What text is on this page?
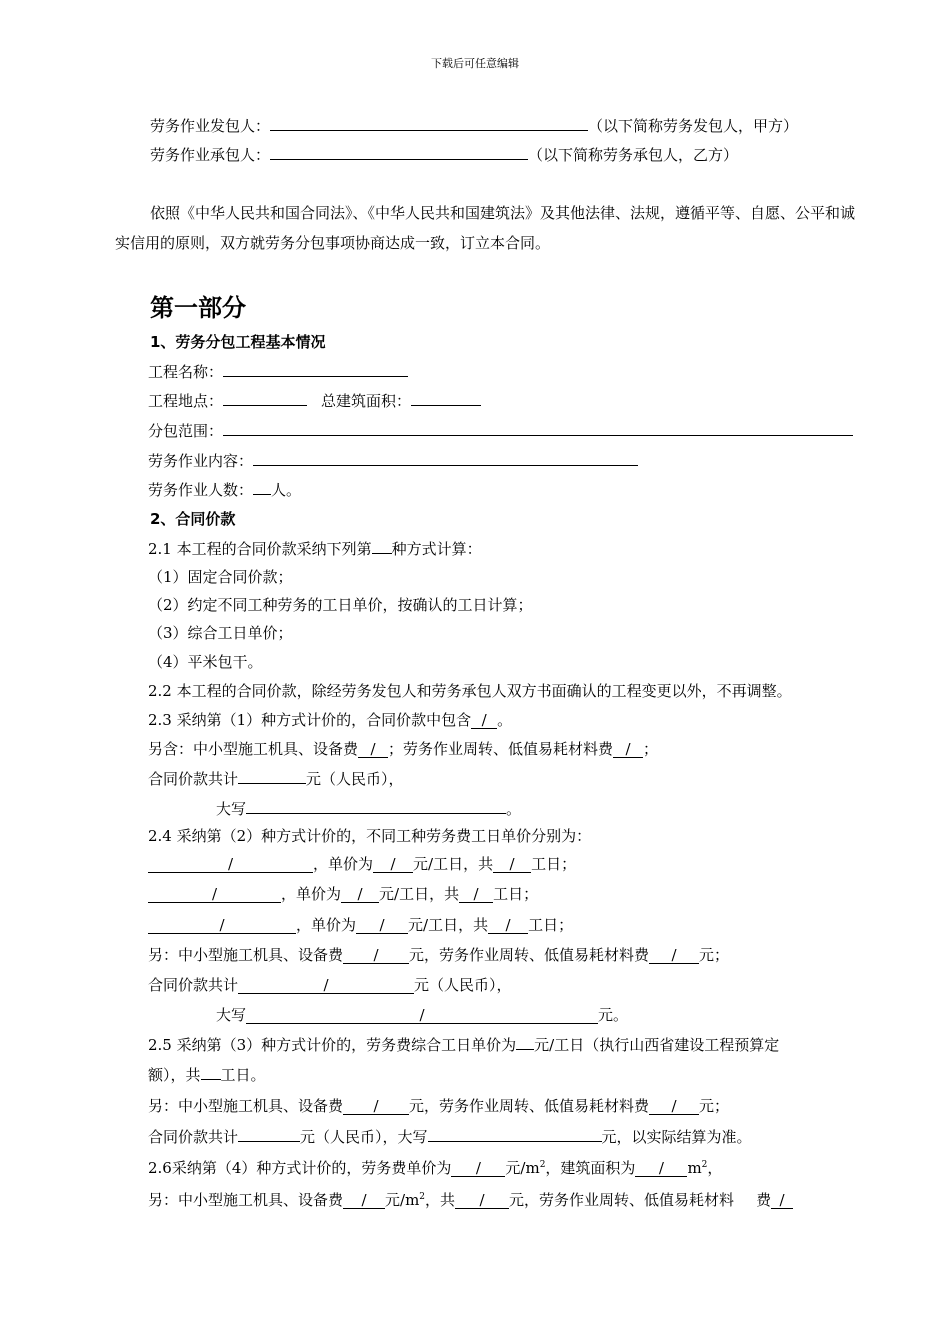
下载后可任意编辑
劳务作业发包人：	（以下简称劳务发包人，甲方）
劳务作业承包人：	（以下简称劳务承包人，乙方）
依照《中华人民共和国合同法》、《中华人民共和国建筑法》及其他法律、法规，遵循平等、自愿、公平和诚实信用的原则，双方就劳务分包事项协商达成一致，订立本合同。
第一部分
1、劳务分包工程基本情况
工程名称：
工程地点：	总建筑面积：
分包范围：
劳务作业内容：
劳务作业人数： 人。
2、合同价款
2.1 本工程的合同价款采纳下列第 种方式计算：
（1）固定合同价款；
（2）约定不同工种劳务的工日单价，按确认的工日计算；
（3）综合工日单价；
（4）平米包干。
2.2 本工程的合同价款，除经劳务发包人和劳务承包人双方书面确认的工程变更以外，不再调整。
2.3 采纳第（1）种方式计价的，合同价款中包含 / 。
另含：中小型施工机具、设备费 / ；劳务作业周转、低值易耗材料费 / ；
合同价款共计	元（人民币），
大写	。
2.4 采纳第（2）种方式计价的，不同工种劳务费工日单价分别为：
/	，单价为 / 元/工日，共 / 工日；
/	，单价为 / 元/工日，共 / 工日；
/	，单价为 / 元/工日，共 / 工日；
另：中小型施工机具、设备费 / 元，劳务作业周转、低值易耗材料费 / 元；
合同价款共计	/	元（人民币），
大写	/	元。
2.5 采纳第（3）种方式计价的，劳务费综合工日单价为 元/工日（执行山西省建设工程预算定
额），共 工日。
另：中小型施工机具、设备费 / 元，劳务作业周转、低值易耗材料费 / 元；
合同价款共计	元（人民币），大写	元，以实际结算为准。
2.6采纳第（4）种方式计价的，劳务费单价为 / 元$/m^2$，建筑面积为 / $m^2$，
另：中小型施工机具、设备费 / 元$/m^2$，共 / 元，劳务作业周转、低值易耗材料 费 /
